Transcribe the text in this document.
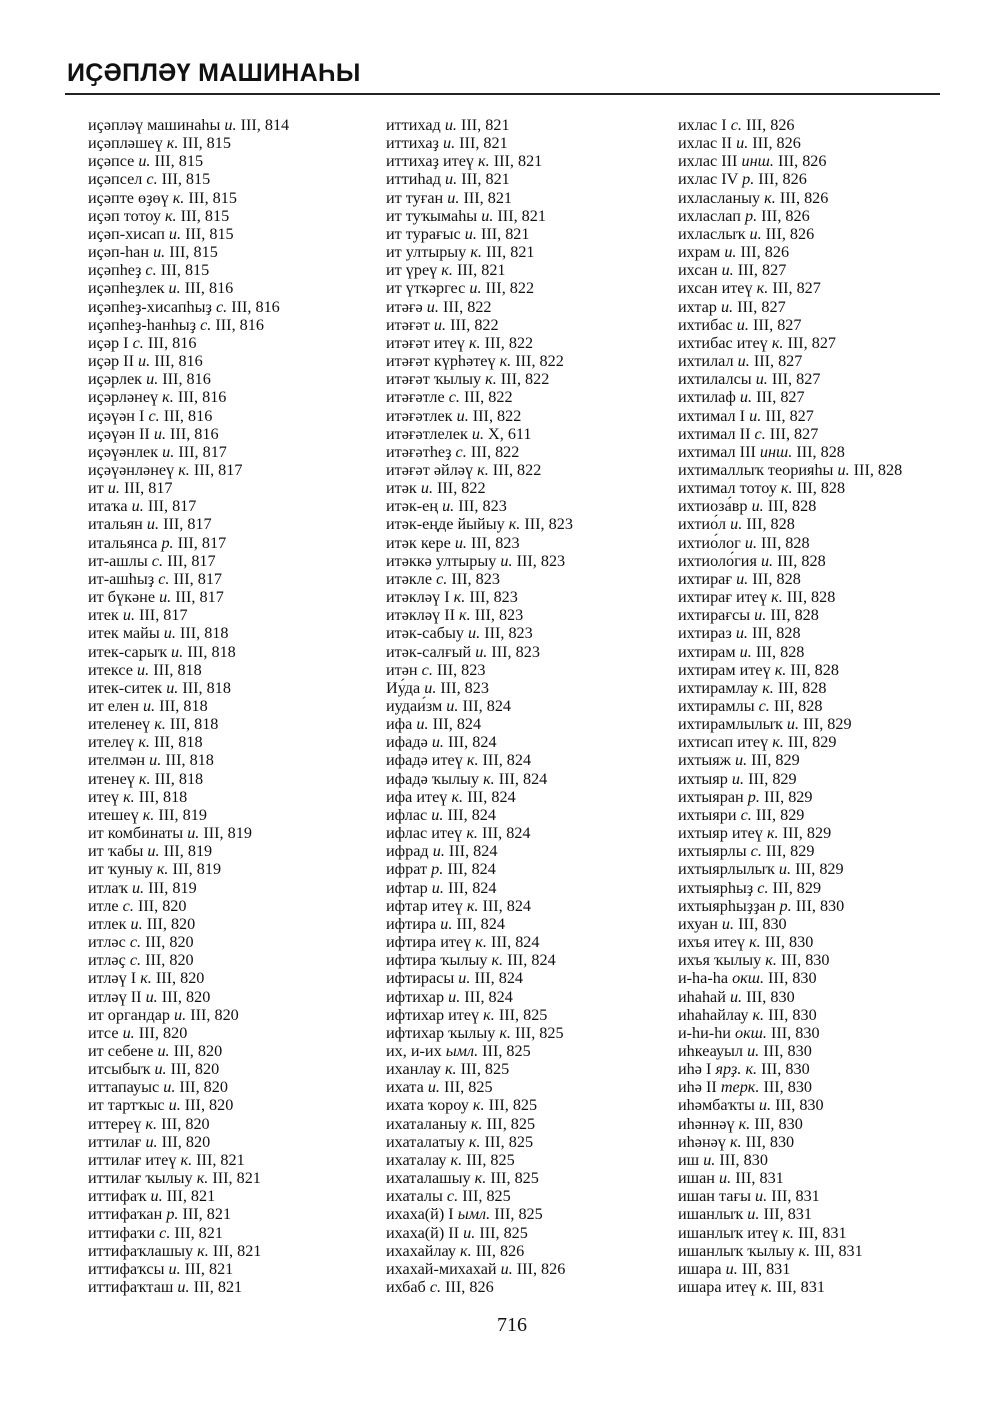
ИҪӘПЛӘҮ МАШИНАҺЫ
иҫәпләү машинаһы и. III, 814
иҫәпләшеү к. III, 815
иҫәпсе и. III, 815
иҫәпсел с. III, 815
иҫәпте өҙөү к. III, 815
иҫәп тотоу к. III, 815
иҫәп-хисап и. III, 815
иҫәп-һан и. III, 815
иҫәпһеҙ с. III, 815
иҫәпһеҙлек и. III, 816
иҫәпһеҙ-хисапһыҙ с. III, 816
иҫәпһеҙ-һанһыҙ с. III, 816
иҫәр I с. III, 816
иҫәр II и. III, 816
иҫәрлек и. III, 816
иҫәрләнеү к. III, 816
иҫәүән I с. III, 816
иҫәүән II и. III, 816
иҫәүәнлек и. III, 817
иҫәүәнләнеү к. III, 817
ит и. III, 817
итаҡа и. III, 817
итальян и. III, 817
итальянса р. III, 817
ит-ашлы с. III, 817
ит-ашһыҙ с. III, 817
ит бүкәне и. III, 817
итек и. III, 817
итек майы и. III, 818
итек-сарыҡ и. III, 818
итексе и. III, 818
итек-ситек и. III, 818
ит елен и. III, 818
ителенеү к. III, 818
ителеү к. III, 818
ителмән и. III, 818
итенеү к. III, 818
итеү к. III, 818
итешеү к. III, 819
ит комбинаты и. III, 819
ит ҡабы и. III, 819
ит ҡуныу к. III, 819
итлаҡ и. III, 819
итле с. III, 820
итлек и. III, 820
итләс с. III, 820
итләҫ с. III, 820
итләү I к. III, 820
итләү II и. III, 820
ит органдар и. III, 820
итсе и. III, 820
ит себене и. III, 820
итсыбыҡ и. III, 820
иттапауыс и. III, 820
ит тартҡыс и. III, 820
иттереү к. III, 820
иттилағ и. III, 820
иттилағ итеү к. III, 821
иттилағ ҡылыу к. III, 821
иттифаҡ и. III, 821
иттифаҡан р. III, 821
иттифаҡи с. III, 821
иттифаҡлашыу к. III, 821
иттифаҡсы и. III, 821
иттифаҡташ и. III, 821
иттихад и. III, 821
иттихаҙ и. III, 821
иттихаҙ итеү к. III, 821
иттиһад и. III, 821
ит туған и. III, 821
ит туҡымаһы и. III, 821
ит турағыс и. III, 821
ит ултырыу к. III, 821
ит үреү к. III, 821
ит үткәргес и. III, 822
итәғә и. III, 822
итәғәт и. III, 822
итәғәт итеү к. III, 822
итәғәт күрһәтеү к. III, 822
итәғәт ҡылыу к. III, 822
итәғәтле с. III, 822
итәғәтлек и. III, 822
итәғәтлелек и. X, 611
итәғәтһеҙ с. III, 822
итәғәт әйләү к. III, 822
итәк и. III, 822
итәк-ең и. III, 823
итәк-еңде йыйыу к. III, 823
итәк кере и. III, 823
итәккә ултырыу и. III, 823
итәкле с. III, 823
итәкләү I к. III, 823
итәкләү II к. III, 823
итәк-сабыу и. III, 823
итәк-салғый и. III, 823
итән с. III, 823
Иу́да и. III, 823
иудаи́зм и. III, 824
ифа и. III, 824
ифадә и. III, 824
ифадә итеү к. III, 824
ифадә ҡылыу к. III, 824
ифа итеү к. III, 824
ифлас и. III, 824
ифлас итеү к. III, 824
ифрад и. III, 824
ифрат р. III, 824
ифтар и. III, 824
ифтар итеү к. III, 824
ифтира и. III, 824
ифтира итеү к. III, 824
ифтира ҡылыу к. III, 824
ифтирасы и. III, 824
ифтихар и. III, 824
ифтихар итеү к. III, 825
ифтихар ҡылыу к. III, 825
их, и-их ымл. III, 825
иханлау к. III, 825
ихата и. III, 825
ихата ҡороу к. III, 825
ихаталаныу к. III, 825
ихаталатыу к. III, 825
ихаталау к. III, 825
ихаталашыу к. III, 825
ихаталы с. III, 825
ихаха(й) I ымл. III, 825
ихаха(й) II и. III, 825
ихахайлау к. III, 826
ихахай-михахай и. III, 826
ихбаб с. III, 826
ихлас I с. III, 826
ихлас II и. III, 826
ихлас III инш. III, 826
ихлас IV р. III, 826
ихласланыу к. III, 826
ихласлап р. III, 826
ихласлыҡ и. III, 826
ихрам и. III, 826
ихсан и. III, 827
ихсан итеү к. III, 827
ихтар и. III, 827
ихтибас и. III, 827
ихтибас итеү к. III, 827
ихтилал и. III, 827
ихтилалсы и. III, 827
ихтилаф и. III, 827
ихтимал I и. III, 827
ихтимал II с. III, 827
ихтимал III инш. III, 828
ихтималлыҡ теорияһы и. III, 828
ихтимал тотоу к. III, 828
ихтиоза́вр и. III, 828
ихтио́л и. III, 828
ихтио́лог и. III, 828
ихтиоло́гия и. III, 828
ихтирағ и. III, 828
ихтирағ итеү к. III, 828
ихтирағсы и. III, 828
ихтираз и. III, 828
ихтирам и. III, 828
ихтирам итеү к. III, 828
ихтирамлау к. III, 828
ихтирамлы с. III, 828
ихтирамлылыҡ и. III, 829
ихтисап итеү к. III, 829
ихтыяж и. III, 829
ихтыяр и. III, 829
ихтыяран р. III, 829
ихтыяри с. III, 829
ихтыяр итеү к. III, 829
ихтыярлы с. III, 829
ихтыярлылыҡ и. III, 829
ихтыярһыҙ с. III, 829
ихтыярһыҙҙан р. III, 830
ихуан и. III, 830
ихъя итеү к. III, 830
ихъя ҡылыу к. III, 830
и-һа-һа окш. III, 830
иһаһай и. III, 830
иһаһайлау к. III, 830
и-һи-һи окш. III, 830
иһкеауыл и. III, 830
иһә I ярҙ. к. III, 830
иһә II терк. III, 830
иһәмбаҡты и. III, 830
иһәннәү к. III, 830
иһәнәү к. III, 830
иш и. III, 830
ишан и. III, 831
ишан тағы и. III, 831
ишанлыҡ и. III, 831
ишанлыҡ итеү к. III, 831
ишанлыҡ ҡылыу к. III, 831
ишара и. III, 831
ишара итеү к. III, 831
716
